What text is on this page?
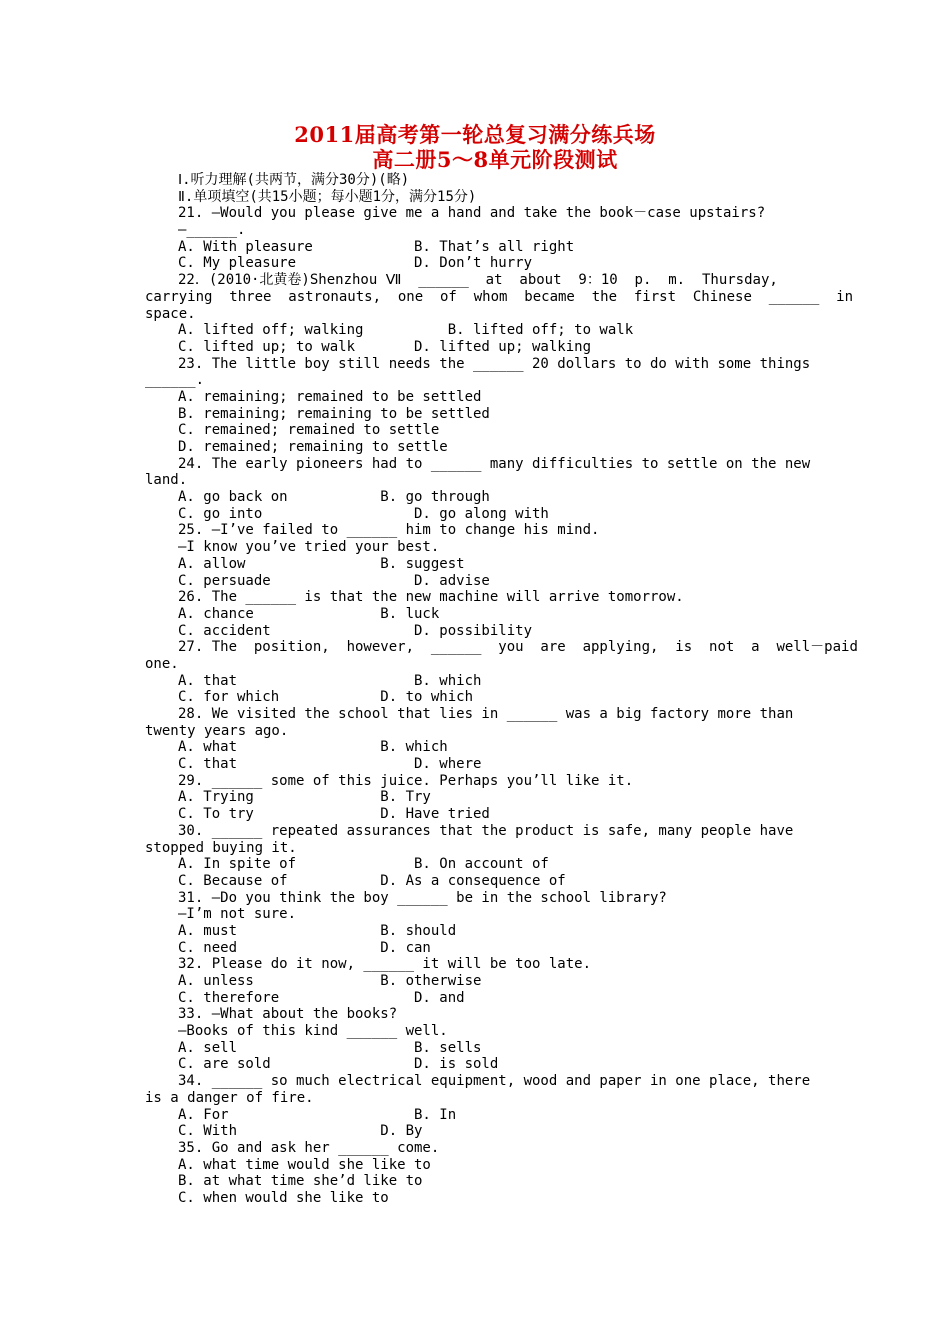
2011届高考第一轮总复习满分练兵场
高二册5～8单元阶段测试
Ⅰ.听力理解(共两节，满分30分)(略)
Ⅱ.单项填空(共15小题；每小题1分，满分15分)
21. —Would you please give me a hand and take the book－case upstairs?
—______.
A. With pleasure            B. That’s all right
C. My pleasure              D. Don’t hurry
22．(2010·北黄卷)Shenzhou Ⅶ  ______  at  about  9：10  p.  m.  Thursday,
carrying  three  astronauts,  one  of  whom  became  the  first  Chinese  ______  in
space.
A. lifted off; walking          B. lifted off; to walk
C. lifted up; to walk       D. lifted up; walking
23. The little boy still needs the ______ 20 dollars to do with some things
______.
A. remaining; remained to be settled
B. remaining; remaining to be settled
C. remained; remained to settle
D. remained; remaining to settle
24. The early pioneers had to ______ many difficulties to settle on the new
land.
A. go back on           B. go through
C. go into                  D. go along with
25. —I’ve failed to ______ him to change his mind.
—I know you’ve tried your best.
A. allow                B. suggest
C. persuade                 D. advise
26. The ______ is that the new machine will arrive tomorrow.
A. chance               B. luck
C. accident                 D. possibility
27. The  position,  however,  ______  you  are  applying,  is  not  a  well－paid
one.
A. that                     B. which
C. for which            D. to which
28. We visited the school that lies in ______ was a big factory more than
twenty years ago.
A. what                 B. which
C. that                     D. where
29. ______ some of this juice. Perhaps you’ll like it.
A. Trying               B. Try
C. To try               D. Have tried
30. ______ repeated assurances that the product is safe, many people have
stopped buying it.
A. In spite of              B. On account of
C. Because of           D. As a consequence of
31. —Do you think the boy ______ be in the school library?
—I’m not sure.
A. must                 B. should
C. need                 D. can
32. Please do it now, ______ it will be too late.
A. unless               B. otherwise
C. therefore                D. and
33. —What about the books?
—Books of this kind ______ well.
A. sell                     B. sells
C. are sold                 D. is sold
34. ______ so much electrical equipment, wood and paper in one place, there
is a danger of fire.
A. For                      B. In
C. With                 D. By
35. Go and ask her ______ come.
A. what time would she like to
B. at what time she’d like to
C. when would she like to
